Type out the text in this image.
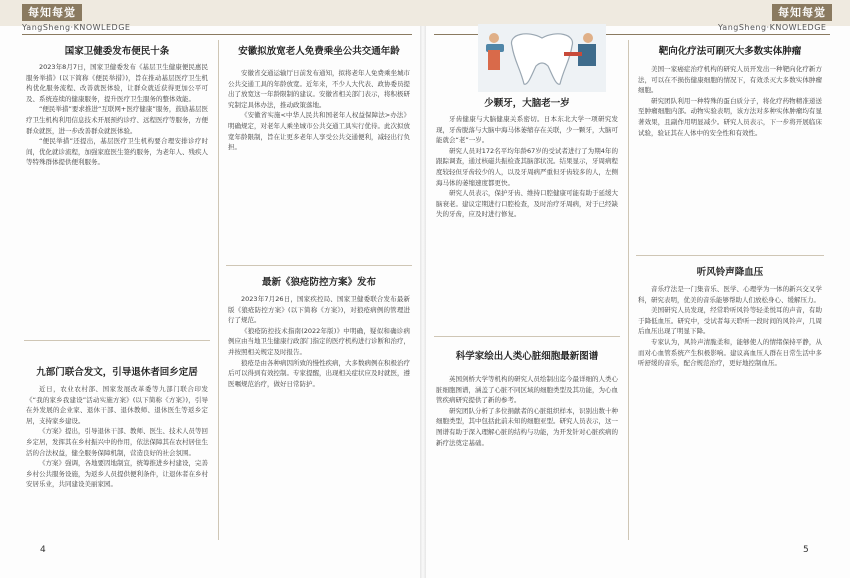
每知每觉
YangSheng·KNOWLEDGE
每知每觉
YangSheng·KNOWLEDGE
国家卫健委发布便民十条

2023年8月7日，国家卫健委发布《基层卫生健康便民惠民服务举措》(以下简称《便民举措》)，旨在推动基层医疗卫生机构优化服务流程、改善就医体验，让群众就近获得更加公平可及、系统连续的健康服务，提升医疗卫生服务的整体效能。

“便民举措”要求推进“互联网+医疗健康”服务，鼓励基层医疗卫生机构利用信息技术开展预约诊疗、远程医疗等服务，方便群众就医，进一步改善群众就医体验。

“便民举措”还提出，基层医疗卫生机构要合理安排诊疗时间，优化就诊流程，加强家庭医生签约服务，为老年人、残疾人等特殊群体提供便利服务。

九部门联合发文，引导退休者回乡定居

近日，农业农村部、国家发展改革委等九部门联合印发《“我的家乡我建设”活动实施方案》(以下简称《方案》)，引导在外发展的企业家、退休干部、退休教师、退休医生等返乡定居，支持家乡建设。

《方案》提出，引导退休干部、教师、医生、技术人员等回乡定居，发挥其在乡村振兴中的作用，依法保障其在农村居住生活的合法权益，健全服务保障机制，营造良好的社会氛围。

《方案》强调，各地要因地制宜，统筹推进乡村建设，完善乡村公共服务设施，为返乡人员提供便利条件，让退休者在乡村安居乐业，共同建设美丽家园。

安徽拟放宽老人免费乘坐公共交通年龄

安徽省交通运输厅日前发布通知，拟将老年人免费乘坐城市公共交通工具的年龄放宽。近年来，不少人大代表、政协委员提出了放宽这一年龄限制的建议。安徽省相关部门表示，将积极研究制定具体办法，推动政策落地。

《安徽省实施<中华人民共和国老年人权益保障法>办法》明确规定，对老年人乘坐城市公共交通工具实行优待。此次拟放宽年龄限制，旨在让更多老年人享受公共交通便利，减轻出行负担。

最新《狼疮防控方案》发布

2023年7月26日，国家疾控局、国家卫健委联合发布最新版《狼疮防控方案》(以下简称《方案》)，对狼疮病例的管理进行了规范。

《狼疮防控技术指南(2022年版)》中明确，疑似和确诊病例应由当地卫生健康行政部门指定的医疗机构进行诊断和治疗，并按照相关规定及时报告。

狼疮是由各种病因所致的慢性疾病，大多数病例在积极治疗后可以得到有效控制。专家提醒，出现相关症状应及时就医，遵医嘱规范治疗，做好日常防护。

少颗牙，大脑老一岁

牙齿健康与大脑健康关系密切。日本东北大学一项研究发现，牙齿脱落与大脑中海马体萎缩存在关联，少一颗牙，大脑可能就会“老”一岁。

研究人员对172名平均年龄67岁的受试者进行了为期4年的跟踪调查，通过核磁共振检查其脑部状况。结果显示，牙周病程度较轻但牙齿较少的人，以及牙周病严重但牙齿较多的人，左侧海马体的萎缩速度都更快。

研究人员表示，保护牙齿、维持口腔健康可能有助于延缓大脑衰老。建议定期进行口腔检查，及时治疗牙周病，对于已经缺失的牙齿，应及时进行修复。

科学家绘出人类心脏细胞最新图谱

英国剑桥大学等机构的研究人员绘制出迄今最详细的人类心脏细胞图谱，涵盖了心脏不同区域的细胞类型及其功能，为心血管疾病研究提供了新的参考。

研究团队分析了多位捐献者的心脏组织样本，识别出数十种细胞类型，其中包括此前未知的细胞亚型。研究人员表示，这一图谱有助于深入理解心脏的结构与功能，为开发针对心脏疾病的新疗法奠定基础。

靶向化疗法可刷灭大多数实体肿瘤

美国一家癌症治疗机构的研究人员开发出一种靶向化疗新方法，可以在不损伤健康细胞的情况下，有效杀灭大多数实体肿瘤细胞。

研究团队利用一种特殊的蛋白质分子，将化疗药物精准递送至肿瘤细胞内部。动物实验表明，该方法对多种实体肿瘤均有显著效果，且副作用明显减少。研究人员表示，下一步将开展临床试验，验证其在人体中的安全性和有效性。

听风铃声降血压

音乐疗法是一门集音乐、医学、心理学为一体的新兴交叉学科，研究表明，优美的音乐能够帮助人们放松身心、缓解压力。

美国研究人员发现，经常聆听风铃等轻柔悦耳的声音，有助于降低血压。研究中，受试者每天聆听一段时间的风铃声，几周后血压出现了明显下降。

专家认为，风铃声清脆柔和，能够使人的情绪保持平静，从而对心血管系统产生积极影响。建议高血压人群在日常生活中多听舒缓的音乐，配合规范治疗，更好地控制血压。

4	5
